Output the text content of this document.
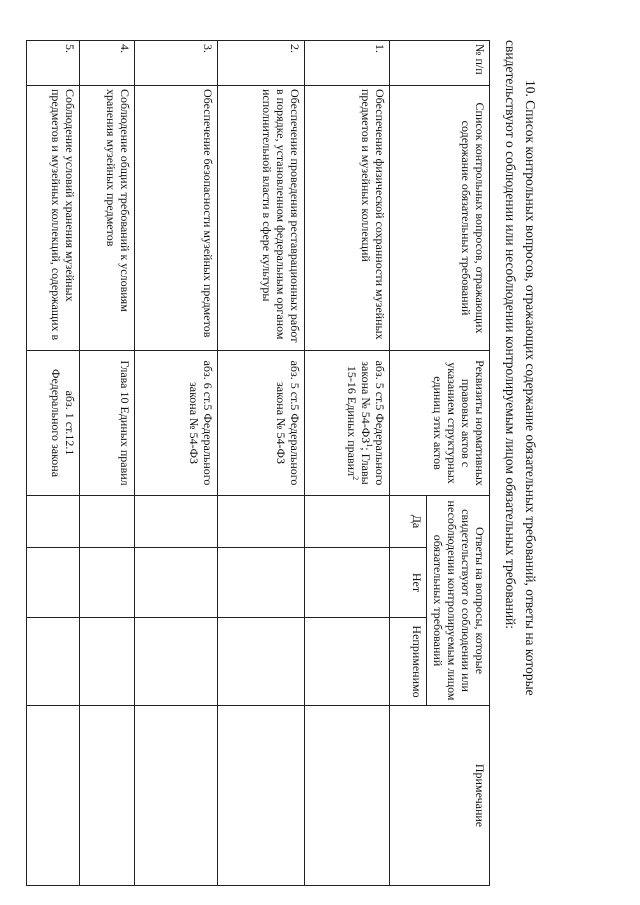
10. Список контрольных вопросов, отражающих содержание обязательных требований, ответы на которые
свидетельствуют о соблюдении или несоблюдении контролируемым лицом обязательных требований:
№ п/п	Список контрольных вопросов, отражающих содержание обязательных требований	Реквизиты нормативных правовых актов с указанием структурных единиц этих актов	Ответы на вопросы, которые свидетельствуют о соблюдении или несоблюдении контролируемым лицом обязательных требований			Примечание
			Да	Нет	Неприменимо	
1.	Обеспечение физической сохранности музейных предметов и музейных коллекций	абз. 5 ст.5 Федерального закона № $54-ФЗ^1$; Главы 15-16 Единых правил$^2$				
2.	Обеспечение проведения реставрационных работ в порядке, установленном федеральным органом исполнительной власти в сфере культуры	абз. 5 ст.5 Федерального закона № 54-ФЗ				
3.	Обеспечение безопасности музейных предметов	абз. 6 ст.5 Федерального закона № 54-ФЗ				
4.	Соблюдение общих требований к условиям хранения музейных предметов	Глава 10 Единых правил				
5.	Соблюдение условий хранения музейных предметов и музейных коллекций, содержащих в	абз. 1 ст.12.1 Федерального закона				
